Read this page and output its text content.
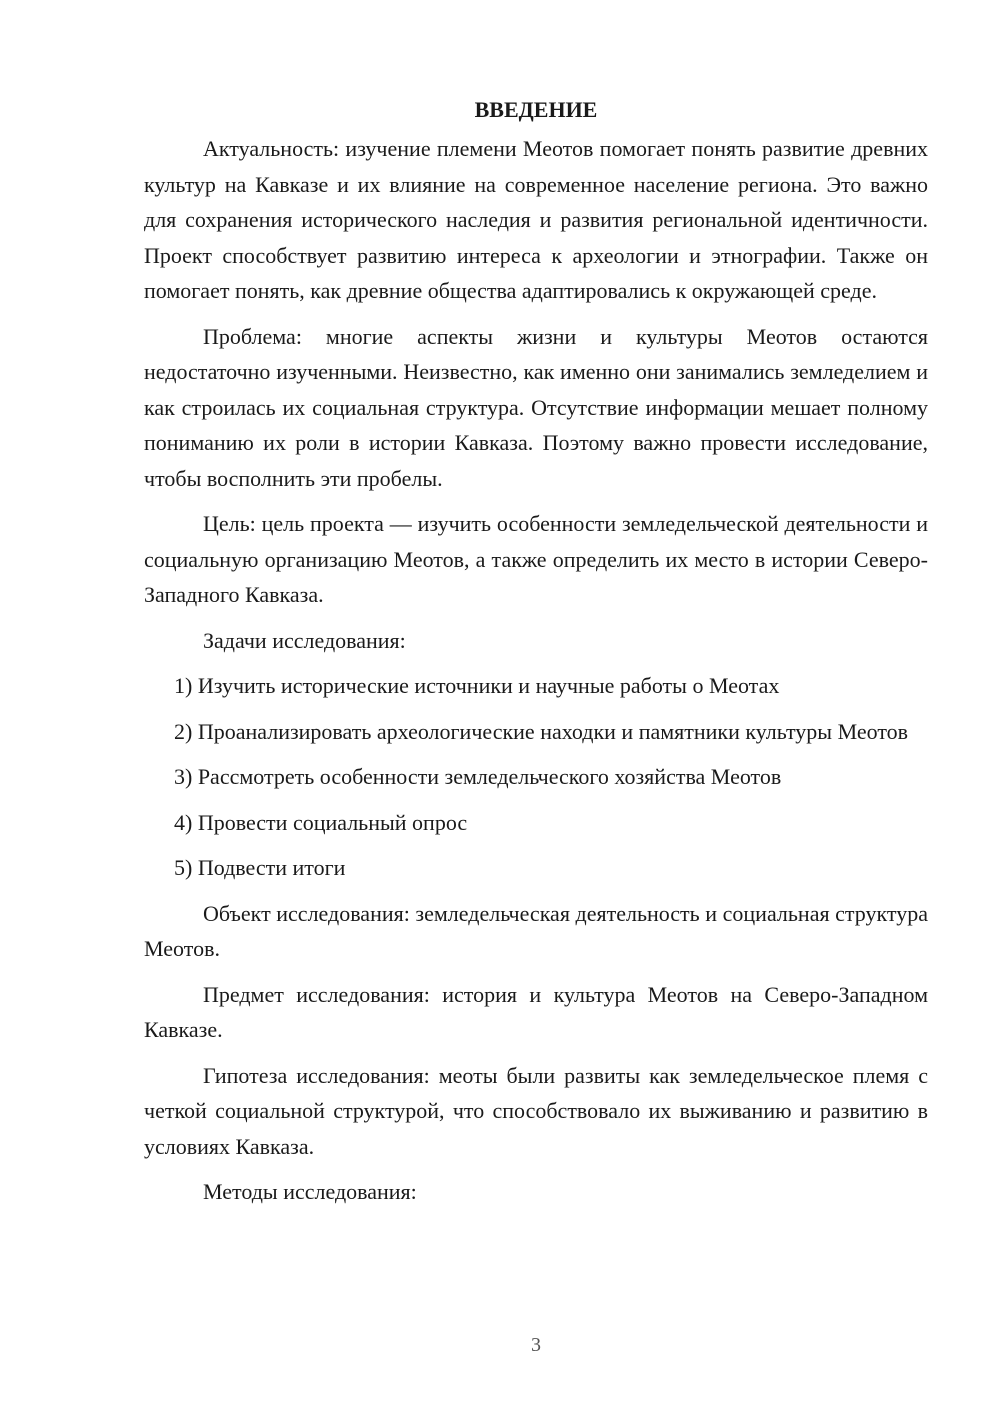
ВВЕДЕНИЕ

Актуальность: изучение племени Меотов помогает понять развитие древних культур на Кавказе и их влияние на современное население региона. Это важно для сохранения исторического наследия и развития региональной идентичности. Проект способствует развитию интереса к археологии и этнографии. Также он помогает понять, как древние общества адаптировались к окружающей среде.

Проблема: многие аспекты жизни и культуры Меотов остаются недостаточно изученными. Неизвестно, как именно они занимались земледелием и как строилась их социальная структура. Отсутствие информации мешает полному пониманию их роли в истории Кавказа. Поэтому важно провести исследование, чтобы восполнить эти пробелы.

Цель: цель проекта — изучить особенности земледельческой деятельности и социальную организацию Меотов, а также определить их место в истории Северо-Западного Кавказа.

Задачи исследования:

1) Изучить исторические источники и научные работы о Меотах

2) Проанализировать археологические находки и памятники культуры Меотов

3) Рассмотреть особенности земледельческого хозяйства Меотов

4) Провести социальный опрос

5) Подвести итоги

Объект исследования: земледельческая деятельность и социальная структура Меотов.

Предмет исследования: история и культура Меотов на Северо-Западном Кавказе.

Гипотеза исследования: меоты были развиты как земледельческое племя с четкой социальной структурой, что способствовало их выживанию и развитию в условиях Кавказа.

Методы исследования:

3
